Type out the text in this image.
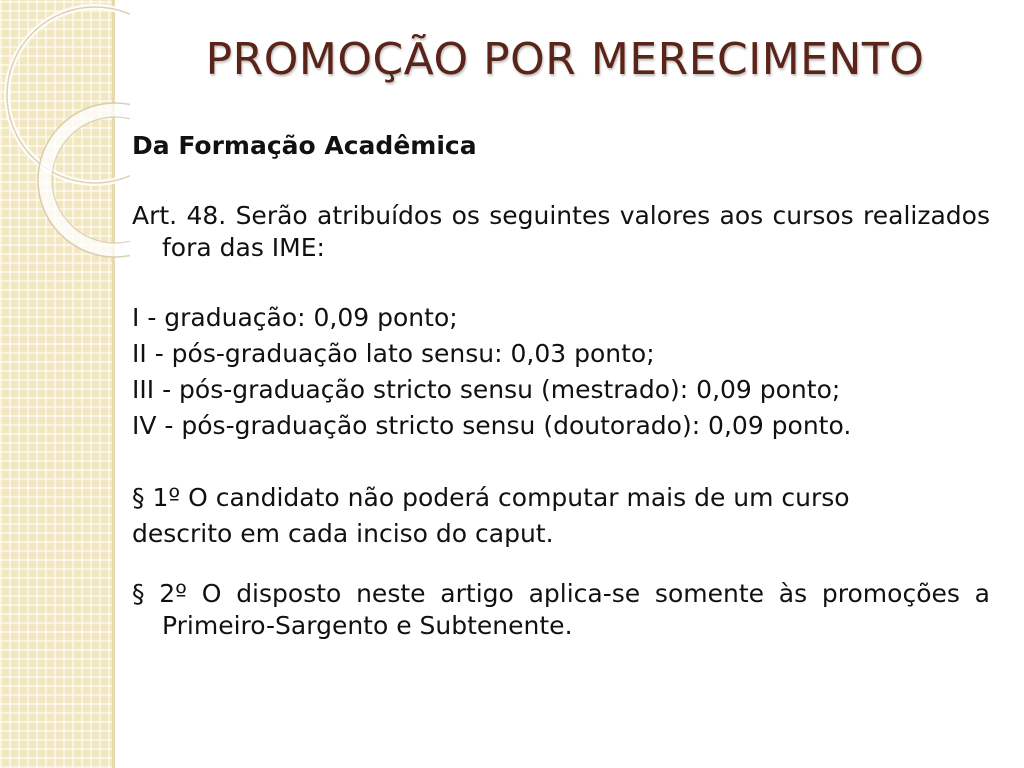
PROMOÇÃO POR MERECIMENTO

Da Formação Acadêmica

Art. 48. Serão atribuídos os seguintes valores aos cursos realizados fora das IME:

I - graduação: 0,09 ponto;

II - pós-graduação lato sensu: 0,03 ponto;

III - pós-graduação stricto sensu (mestrado): 0,09 ponto;

IV - pós-graduação stricto sensu (doutorado): 0,09 ponto.

§ 1º O candidato não poderá computar mais de um curso

descrito em cada inciso do caput.

§ 2º O disposto neste artigo aplica-se somente às promoções a Primeiro-Sargento e Subtenente.
